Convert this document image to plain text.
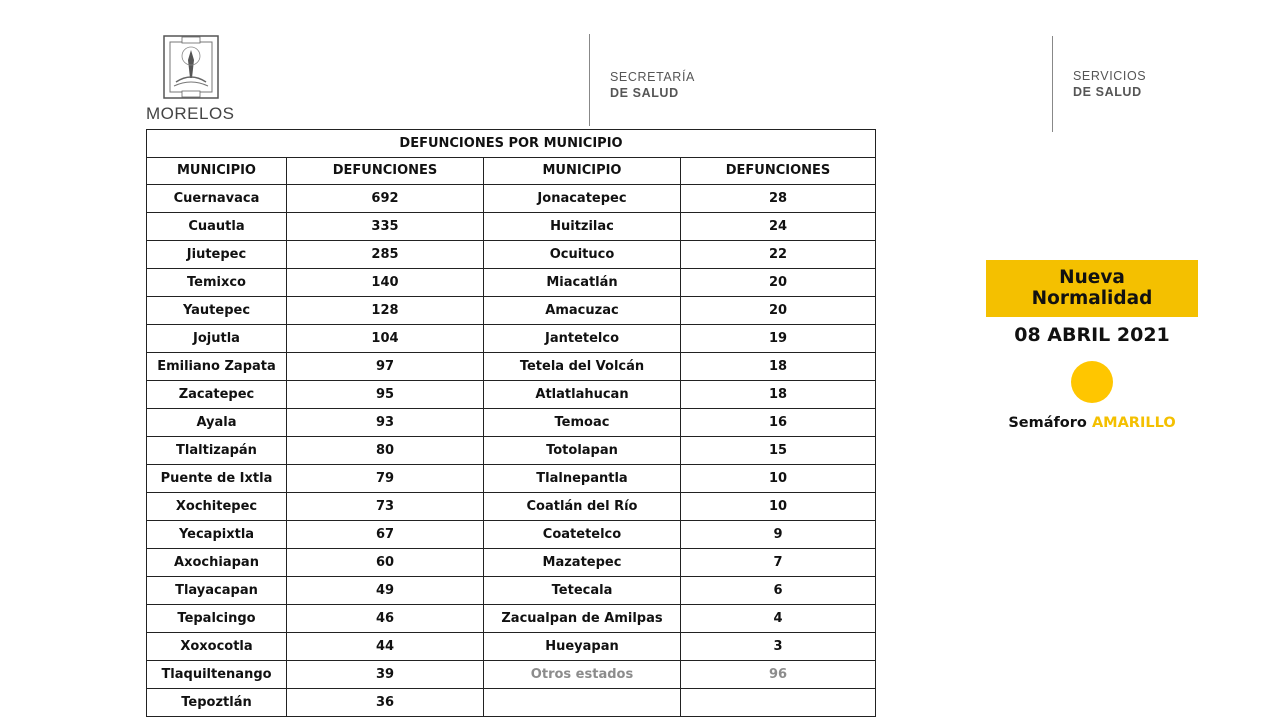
MORELOS
SECRETARÍA
DE SALUD
SERVICIOS
DE SALUD
DEFUNCIONES POR MUNICIPIO			
MUNICIPIO	DEFUNCIONES	MUNICIPIO	DEFUNCIONES
Cuernavaca	692	Jonacatepec	28
Cuautla	335	Huitzilac	24
Jiutepec	285	Ocuituco	22
Temixco	140	Miacatlán	20
Yautepec	128	Amacuzac	20
Jojutla	104	Jantetelco	19
Emiliano Zapata	97	Tetela del Volcán	18
Zacatepec	95	Atlatlahucan	18
Ayala	93	Temoac	16
Tlaltizapán	80	Totolapan	15
Puente de Ixtla	79	Tlalnepantla	10
Xochitepec	73	Coatlán del Río	10
Yecapixtla	67	Coatetelco	9
Axochiapan	60	Mazatepec	7
Tlayacapan	49	Tetecala	6
Tepalcingo	46	Zacualpan de Amilpas	4
Xoxocotla	44	Hueyapan	3
Tlaquiltenango	39	Otros estados	96
Tepoztlán	36		
Nueva Normalidad
08 ABRIL 2021
Semáforo AMARILLO
